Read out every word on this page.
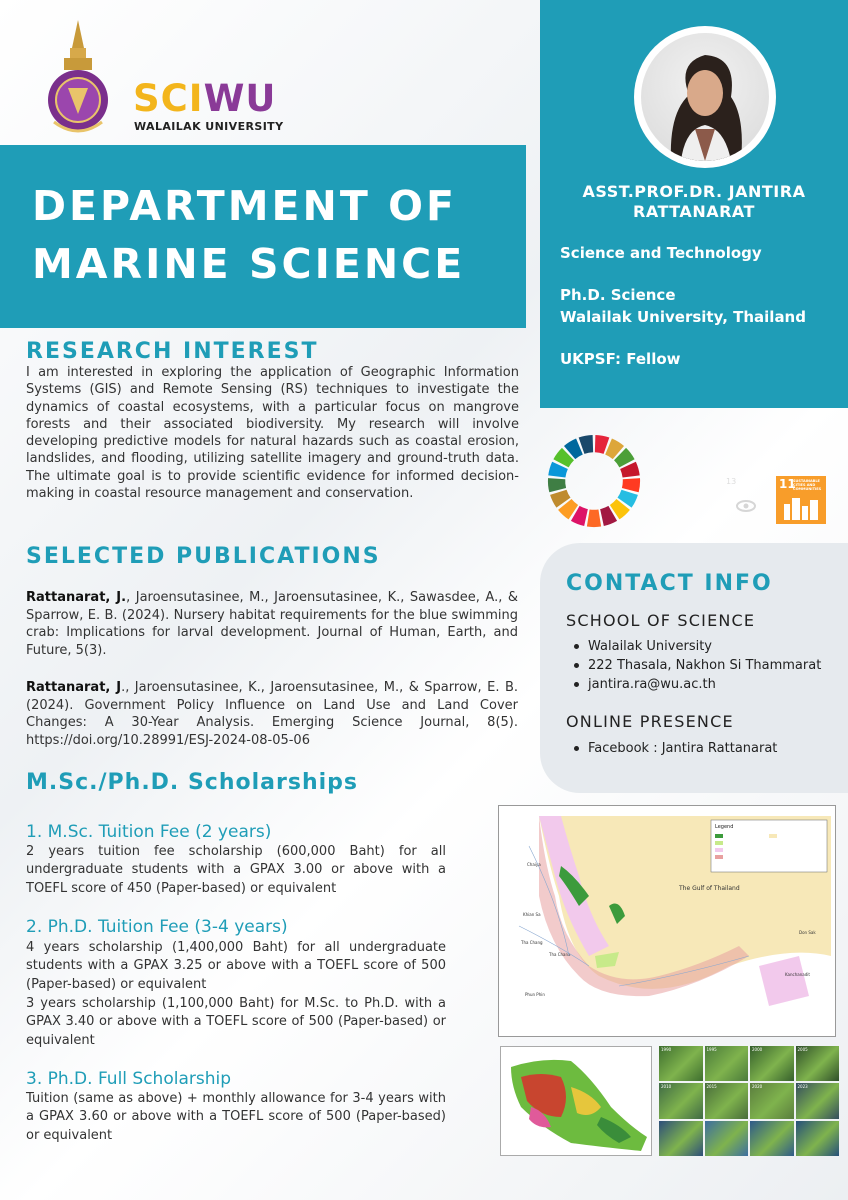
SCIWU
WALAILAK UNIVERSITY
DEPARTMENT OF
MARINE SCIENCE
ASST.PROF.DR. JANTIRA RATTANARAT
Science and Technology
Ph.D. Science
Walailak University, Thailand
UKPSF: Fellow
13	11
SUSTAINABLE CITIES AND COMMUNITIES
RESEARCH INTEREST
I am interested in exploring the application of Geographic Information Systems (GIS) and Remote Sensing (RS) techniques to investigate the dynamics of coastal ecosystems, with a particular focus on mangrove forests and their associated biodiversity. My research will involve developing predictive models for natural hazards such as coastal erosion, landslides, and flooding, utilizing satellite imagery and ground-truth data. The ultimate goal is to provide scientific evidence for informed decision-making in coastal resource management and conservation.
SELECTED PUBLICATIONS
Rattanarat, J., Jaroensutasinee, M., Jaroensutasinee, K., Sawasdee, A., & Sparrow, E. B. (2024). Nursery habitat requirements for the blue swimming crab: Implications for larval development. Journal of Human, Earth, and Future, 5(3).
Rattanarat, J., Jaroensutasinee, K., Jaroensutasinee, M., & Sparrow, E. B. (2024). Government Policy Influence on Land Use and Land Cover Changes: A 30-Year Analysis. Emerging Science Journal, 8(5). https://doi.org/10.28991/ESJ-2024-08-05-06
CONTACT INFO
SCHOOL OF SCIENCE
Walailak University
222 Thasala, Nakhon Si Thammarat
jantira.ra@wu.ac.th
ONLINE PRESENCE
Facebook : Jantira Rattanarat
M.Sc./Ph.D. Scholarships
1. M.Sc. Tuition Fee (2 years)
2 years tuition fee scholarship (600,000 Baht) for all undergraduate students with a GPAX 3.00 or above with a TOEFL score of 450 (Paper-based) or equivalent
2. Ph.D. Tuition Fee (3-4 years)
4 years scholarship (1,400,000 Baht) for all undergraduate students with a GPAX 3.25 or above with a TOEFL score of 500 (Paper-based) or equivalent
3 years scholarship (1,100,000 Baht) for M.Sc. to Ph.D. with a GPAX 3.40 or above with a TOEFL score of 500 (Paper-based) or equivalent
3. Ph.D. Full Scholarship
Tuition (same as above) + monthly allowance for 3-4 years with a GPAX 3.60 or above with a TOEFL score of 500 (Paper-based) or equivalent
Legend
The Gulf of Thailand
Chaiya
Phun Phin
Kanchanadit
Don Sak
Tha Chang
Khian Sa
Tha Chana
1990	1995	2000	2005
2010	2015	2020	2023
